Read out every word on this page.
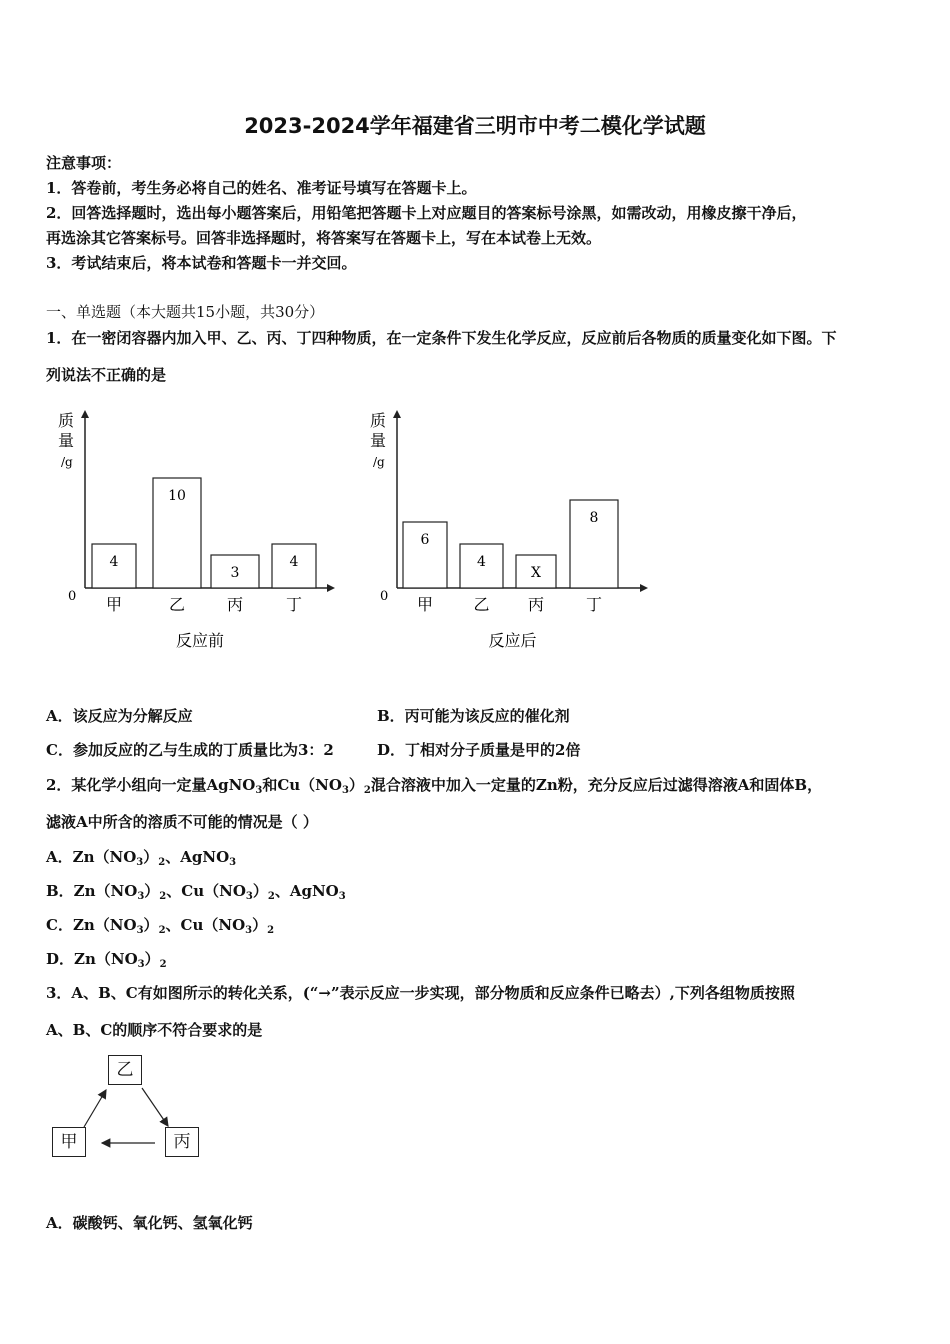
2023-2024学年福建省三明市中考二模化学试题
注意事项：
1．答卷前，考生务必将自己的姓名、准考证号填写在答题卡上。
2．回答选择题时，选出每小题答案后，用铅笔把答题卡上对应题目的答案标号涂黑，如需改动，用橡皮擦干净后，
再选涂其它答案标号。回答非选择题时，将答案写在答题卡上，写在本试卷上无效。
3．考试结束后，将本试卷和答题卡一并交回。
一、单选题（本大题共15小题，共30分）
1．在一密闭容器内加入甲、乙、丙、丁四种物质，在一定条件下发生化学反应，反应前后各物质的质量变化如下图。下
列说法不正确的是
质
量
/g
0
4
甲
10
乙
3
丙
4
丁
反应前
质
量
/g
0
6
甲
4
乙
X
丙
8
丁
反应后
A．该反应为分解反应	B．丙可能为该反应的催化剂
C．参加反应的乙与生成的丁质量比为3：2	D．丁相对分子质量是甲的2倍
2．某化学小组向一定量AgNO$_3$和$Cu(NO_3)_2$混合溶液中加入一定量的Zn粉，充分反应后过滤得溶液A和固体B，
滤液A中所含的溶质不可能的情况是（ ）
A．$Zn(NO_3)_2$、AgNO$_3$
B．$Zn(NO_3)_2$、$Cu(NO_3)_2$、AgNO$_3$
C．$Zn(NO_3)_2$、$Cu(NO_3)_2$
D．$Zn(NO_3)_2$
3．A、B、C有如图所示的转化关系，(“→”表示反应一步实现，部分物质和反应条件已略去）,下列各组物质按照
A、B、C的顺序不符合要求的是
乙
甲	丙
A．碳酸钙、氧化钙、氢氧化钙
